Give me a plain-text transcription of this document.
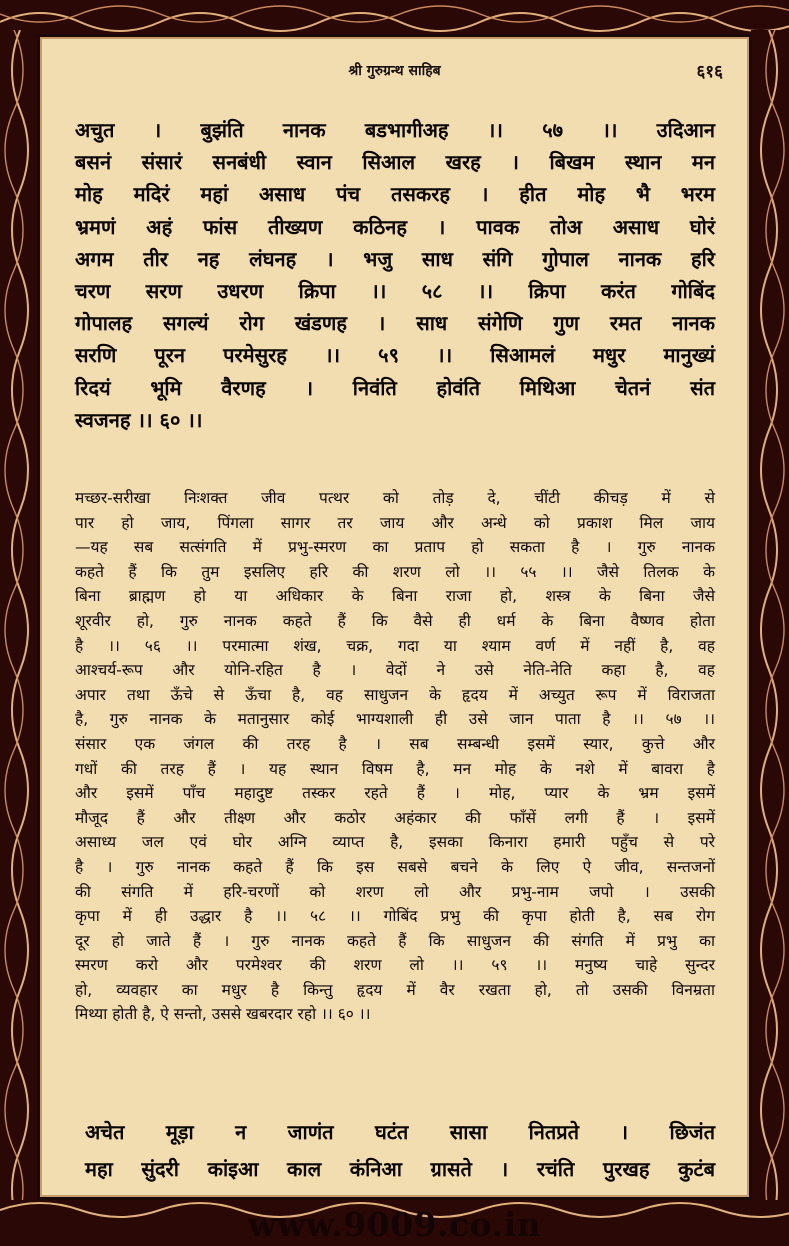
श्री गुरुग्रन्थ साहिब	६१६
अचुत । बुझंति नानक बडभागीअह ।। ५७ ।। उदिआन
बसनं संसारं सनबंधी स्वान सिआल खरह । बिखम स्थान मन
मोह मदिरं महां असाध पंच तसकरह । हीत मोह भै भरम
भ्रमणं अहं फांस तीख्यण कठिनह । पावक तोअ असाध घोरं
अगम तीर नह लंघनह । भजु साध संगि गुोपाल नानक हरि
चरण सरण उधरण क्रिपा ।। ५८ ।। क्रिपा करंत गोबिंद
गोपालह सगल्यं रोग खंडणह । साध संगेणि गुण रमत नानक
सरणि पूरन परमेसुरह ।। ५९ ।। सिआमलं मधुर मानुख्यं
रिदयं भूमि वैरणह । निवंति होवंति मिथिआ चेतनं संत
स्वजनह ।। ६० ।।
मच्छर-सरीखा निःशक्त जीव पत्थर को तोड़ दे, चींटी कीचड़ में से
पार हो जाय, पिंगला सागर तर जाय और अन्धे को प्रकाश मिल जाय
—यह सब सत्संगति में प्रभु-स्मरण का प्रताप हो सकता है । गुरु नानक
कहते हैं कि तुम इसलिए हरि की शरण लो ।। ५५ ।। जैसे तिलक के
बिना ब्राह्मण हो या अधिकार के बिना राजा हो, शस्त्र के बिना जैसे
शूरवीर हो, गुरु नानक कहते हैं कि वैसे ही धर्म के बिना वैष्णव होता
है ।। ५६ ।। परमात्मा शंख, चक्र, गदा या श्याम वर्ण में नहीं है, वह
आश्चर्य-रूप और योनि-रहित है । वेदों ने उसे नेति-नेति कहा है, वह
अपार तथा ऊँचे से ऊँचा है, वह साधुजन के हृदय में अच्युत रूप में विराजता
है, गुरु नानक के मतानुसार कोई भाग्यशाली ही उसे जान पाता है ।। ५७ ।।
संसार एक जंगल की तरह है । सब सम्बन्धी इसमें स्यार, कुत्ते और
गधों की तरह हैं । यह स्थान विषम है, मन मोह के नशे में बावरा है
और इसमें पाँच महादुष्ट तस्कर रहते हैं । मोह, प्यार के भ्रम इसमें
मौजूद हैं और तीक्ष्ण और कठोर अहंकार की फाँसें लगी हैं । इसमें
असाध्य जल एवं घोर अग्नि व्याप्त है, इसका किनारा हमारी पहुँच से परे
है । गुरु नानक कहते हैं कि इस सबसे बचने के लिए ऐ जीव, सन्तजनों
की संगति में हरि-चरणों को शरण लो और प्रभु-नाम जपो । उसकी
कृपा में ही उद्धार है ।। ५८ ।। गोबिंद प्रभु की कृपा होती है, सब रोग
दूर हो जाते हैं । गुरु नानक कहते हैं कि साधुजन की संगति में प्रभु का
स्मरण करो और परमेश्वर की शरण लो ।। ५९ ।। मनुष्य चाहे सुन्दर
हो, व्यवहार का मधुर है किन्तु हृदय में वैर रखता हो, तो उसकी विनम्रता
मिथ्या होती है, ऐ सन्तो, उससे खबरदार रहो ।। ६० ।।
अचेत मूड़ा न जाणंत घटंत सासा नितप्रते । छिजंत
महा सुंदरी कांइआ काल कंनिआ ग्रासते । रचंति पुरखह कुटंब
www.9009.co.in
